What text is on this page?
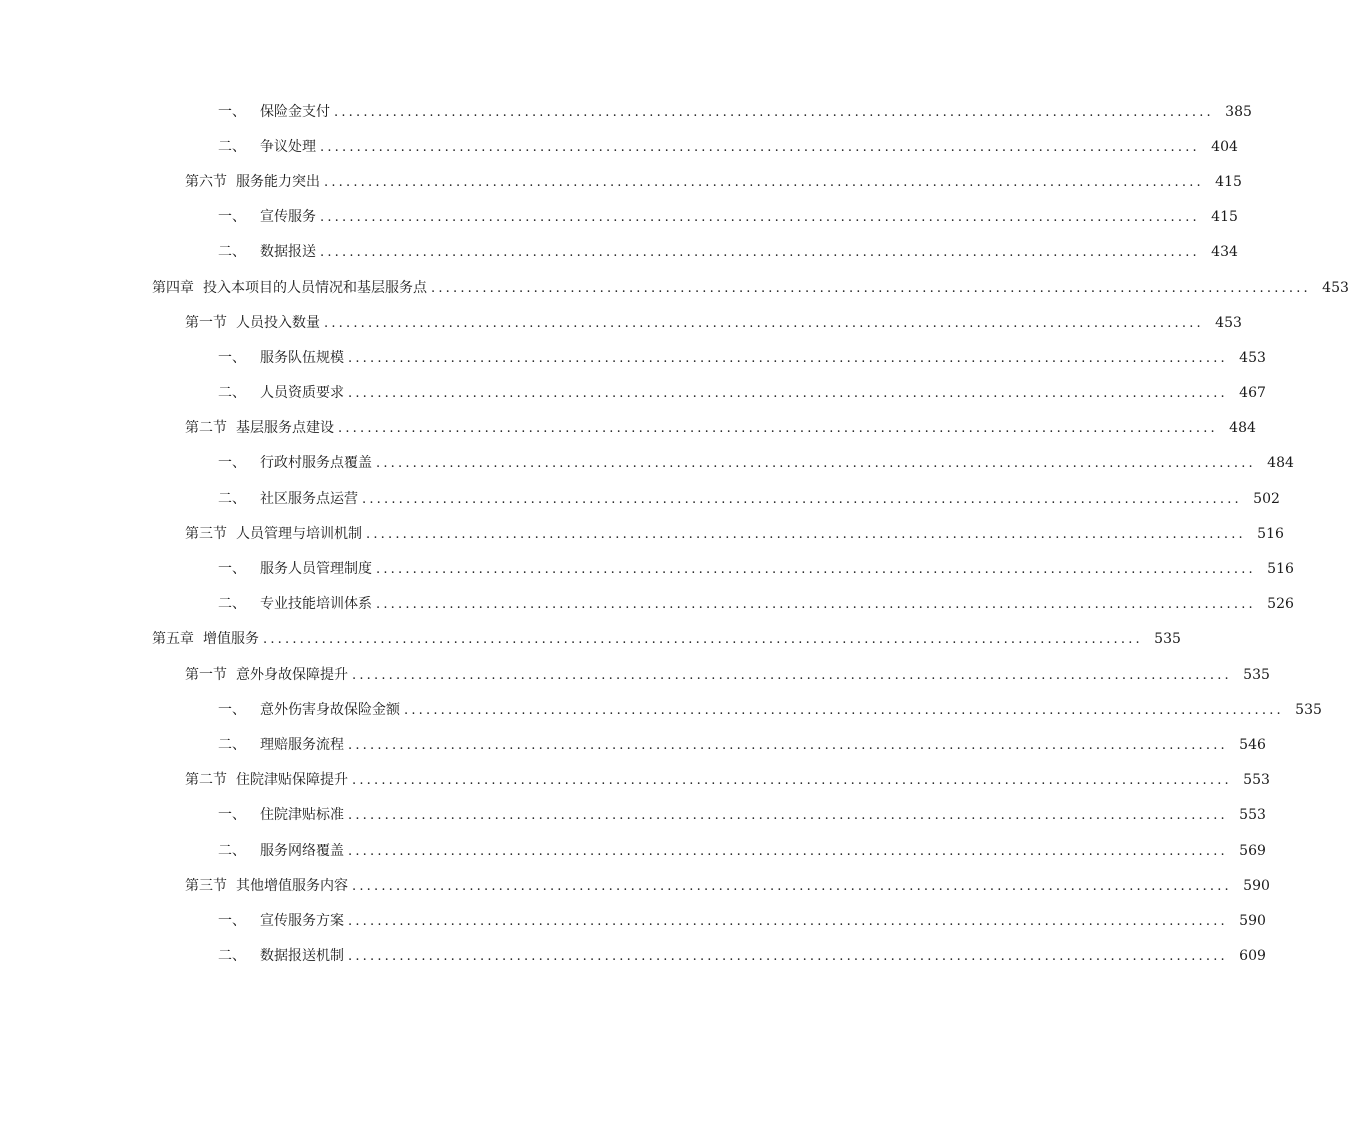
一、 保险金支付 ........................................................................................................................ 385
二、 争议处理 ........................................................................................................................ 404
第六节 服务能力突出 ........................................................................................................................ 415
一、 宣传服务 ........................................................................................................................ 415
二、 数据报送 ........................................................................................................................ 434
第四章 投入本项目的人员情况和基层服务点 ........................................................................................................................ 453
第一节 人员投入数量 ........................................................................................................................ 453
一、 服务队伍规模 ........................................................................................................................ 453
二、 人员资质要求 ........................................................................................................................ 467
第二节 基层服务点建设 ........................................................................................................................ 484
一、 行政村服务点覆盖 ........................................................................................................................ 484
二、 社区服务点运营 ........................................................................................................................ 502
第三节 人员管理与培训机制 ........................................................................................................................ 516
一、 服务人员管理制度 ........................................................................................................................ 516
二、 专业技能培训体系 ........................................................................................................................ 526
第五章 增值服务 ........................................................................................................................ 535
第一节 意外身故保障提升 ........................................................................................................................ 535
一、 意外伤害身故保险金额 ........................................................................................................................ 535
二、 理赔服务流程 ........................................................................................................................ 546
第二节 住院津贴保障提升 ........................................................................................................................ 553
一、 住院津贴标准 ........................................................................................................................ 553
二、 服务网络覆盖 ........................................................................................................................ 569
第三节 其他增值服务内容 ........................................................................................................................ 590
一、 宣传服务方案 ........................................................................................................................ 590
二、 数据报送机制 ........................................................................................................................ 609
